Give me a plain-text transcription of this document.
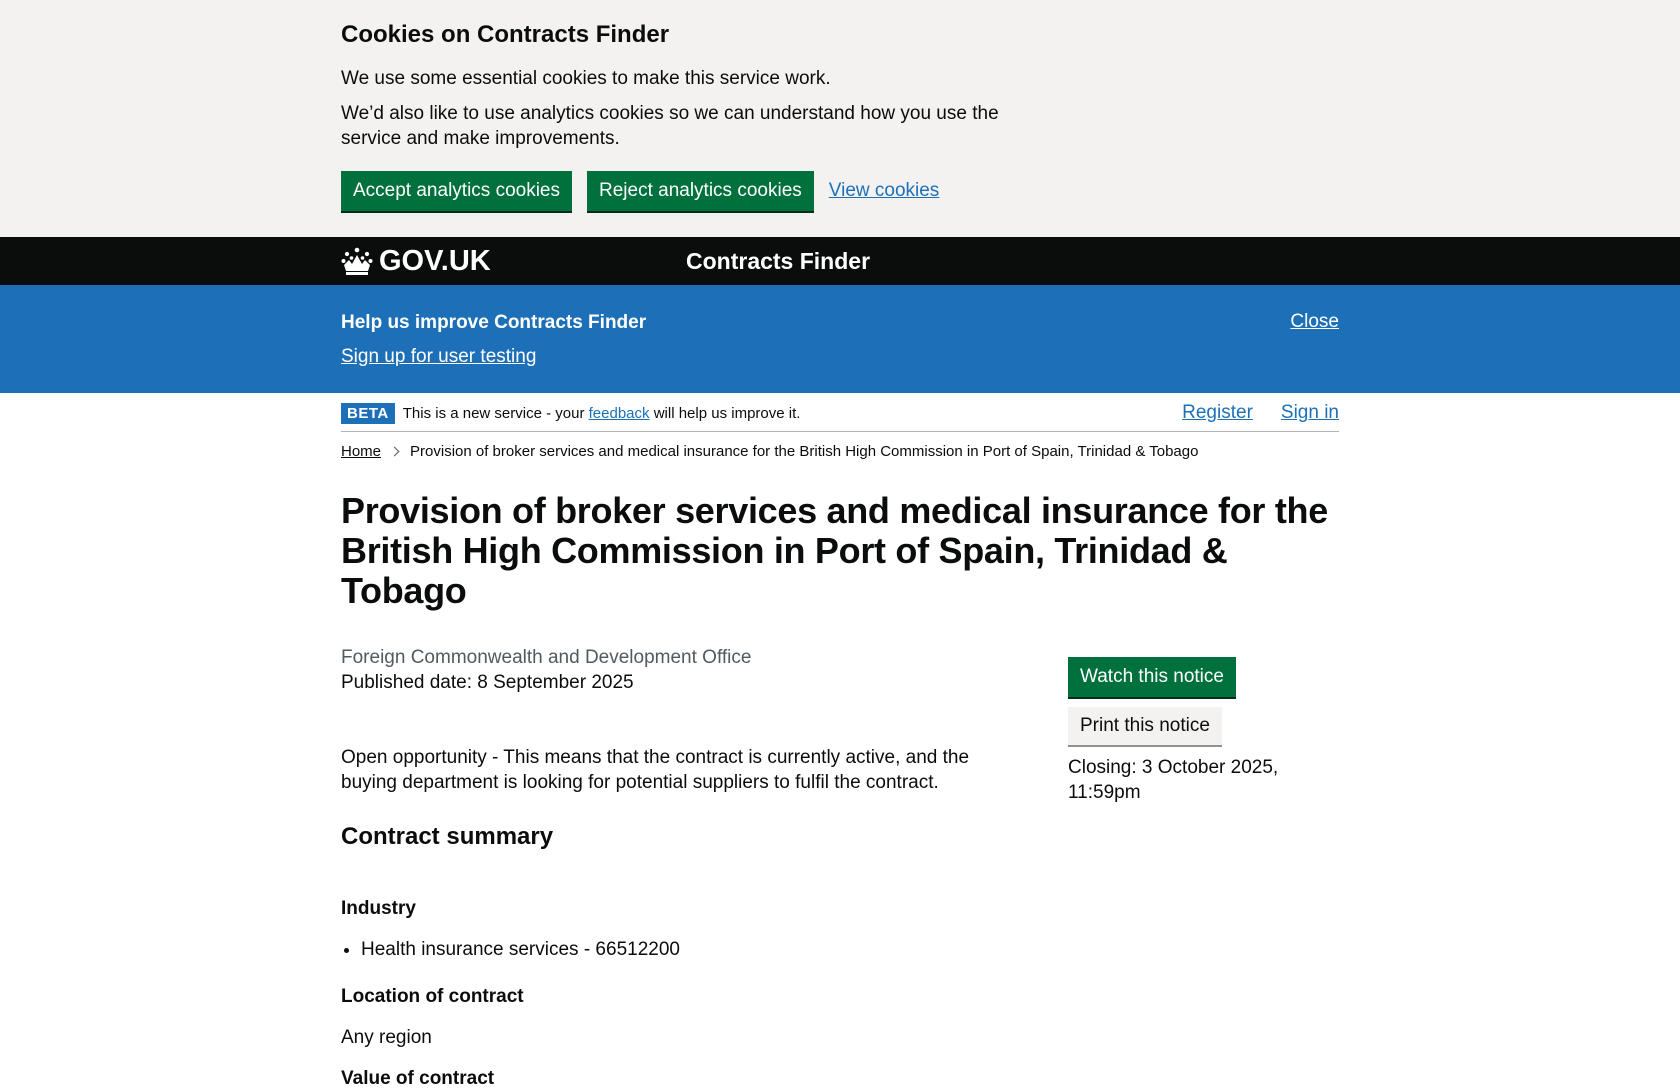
Cookies on Contracts Finder

We use some essential cookies to make this service work.

We’d also like to use analytics cookies so we can understand how you use the service and make improvements.

Accept analytics cookies	Reject analytics cookies	View cookies
GOV.UK	Contracts Finder
Help us improve Contracts Finder
Sign up for user testing
Close
BETA This is a new service - your feedback will help us improve it.	Register Sign in
Home Provision of broker services and medical insurance for the British High Commission in Port of Spain, Trinidad & Tobago
Provision of broker services and medical insurance for the British High Commission in Port of Spain, Trinidad & Tobago
Foreign Commonwealth and Development Office
Published date: 8 September 2025

Open opportunity - This means that the contract is currently active, and the buying department is looking for potential suppliers to fulfil the contract.

Contract summary
Industry
• Health insurance services - 66512200
Location of contract

Any region

Value of contract
Watch this notice
Print this notice
Closing: 3 October 2025, 11:59pm
